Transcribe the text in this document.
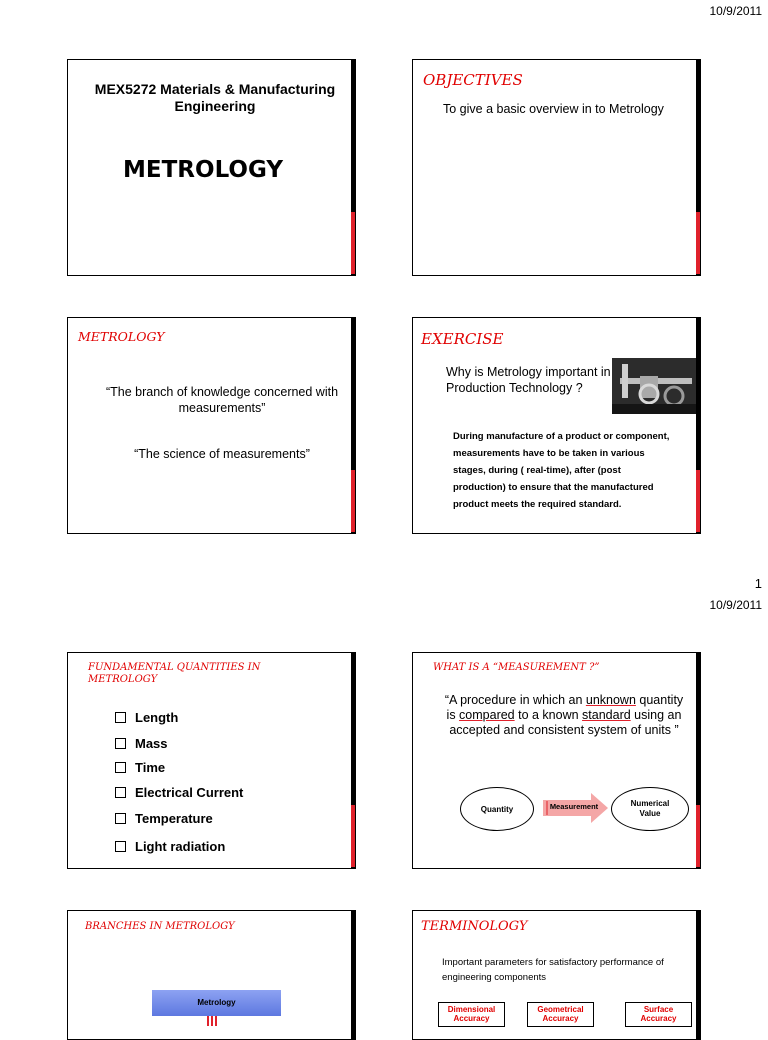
10/9/2011
1
10/9/2011
MEX5272 Materials & Manufacturing Engineering
METROLOGY
OBJECTIVES
To give a basic overview in to Metrology
METROLOGY
“The branch of knowledge concerned with measurements”
“The science of measurements”
EXERCISE
Why is Metrology important in Production Technology ?
During manufacture of a product or component, measurements have to be taken in various stages, during ( real-time), after (post production) to ensure that the manufactured product meets the required standard.
FUNDAMENTAL QUANTITIES IN METROLOGY
Length
Mass
Time
Electrical Current
Temperature
Light radiation
WHAT IS A “MEASUREMENT ?”
“A procedure in which an unknown quantity is compared to a known standard using an accepted and consistent system of units ”
Quantity	Measurement	Numerical Value
BRANCHES IN METROLOGY
Metrology
TERMINOLOGY
Important parameters for satisfactory performance of engineering components
Dimensional Accuracy
Geometrical Accuracy
Surface Accuracy
